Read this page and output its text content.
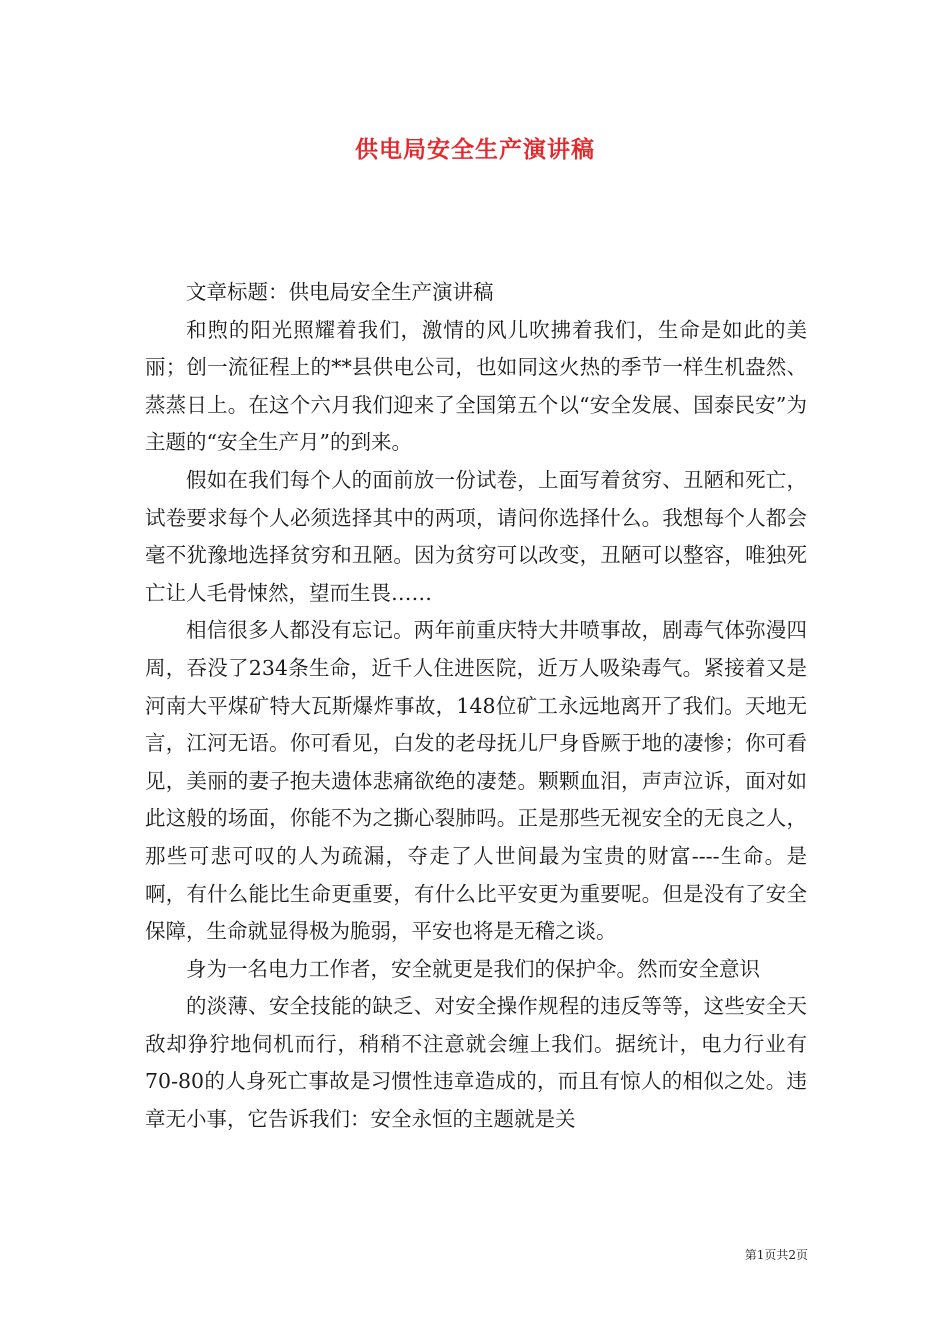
供电局安全生产演讲稿

文章标题：供电局安全生产演讲稿

和煦的阳光照耀着我们，激情的风儿吹拂着我们，生命是如此的美丽；创一流征程上的**县供电公司，也如同这火热的季节一样生机盎然、蒸蒸日上。在这个六月我们迎来了全国第五个以“安全发展、国泰民安”为主题的“安全生产月”的到来。

假如在我们每个人的面前放一份试卷，上面写着贫穷、丑陋和死亡，试卷要求每个人必须选择其中的两项，请问你选择什么。我想每个人都会毫不犹豫地选择贫穷和丑陋。因为贫穷可以改变，丑陋可以整容，唯独死亡让人毛骨悚然，望而生畏……

相信很多人都没有忘记。两年前重庆特大井喷事故，剧毒气体弥漫四周，吞没了234条生命，近千人住进医院，近万人吸染毒气。紧接着又是河南大平煤矿特大瓦斯爆炸事故，148位矿工永远地离开了我们。天地无言，江河无语。你可看见，白发的老母抚儿尸身昏厥于地的凄惨；你可看见，美丽的妻子抱夫遗体悲痛欲绝的凄楚。颗颗血泪，声声泣诉，面对如此这般的场面，你能不为之撕心裂肺吗。正是那些无视安全的无良之人，那些可悲可叹的人为疏漏，夺走了人世间最为宝贵的财富----生命。是啊，有什么能比生命更重要，有什么比平安更为重要呢。但是没有了安全保障，生命就显得极为脆弱，平安也将是无稽之谈。

身为一名电力工作者，安全就更是我们的保护伞。然而安全意识

的淡薄、安全技能的缺乏、对安全操作规程的违反等等，这些安全天敌却狰狞地伺机而行，稍稍不注意就会缠上我们。据统计，电力行业有70-80的人身死亡事故是习惯性违章造成的，而且有惊人的相似之处。违章无小事，它告诉我们：安全永恒的主题就是关

第1页共2页
